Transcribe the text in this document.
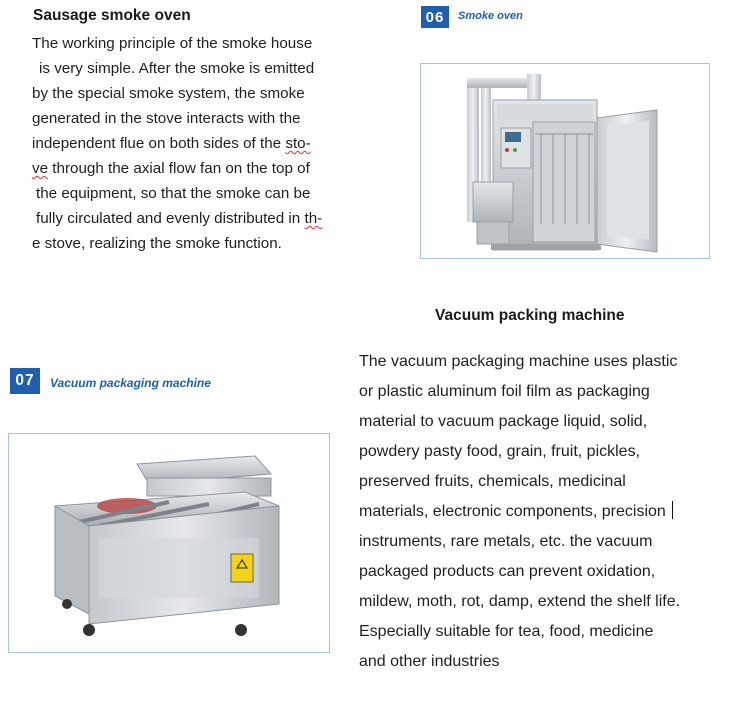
Sausage smoke oven
The working principle of the smoke house
is very simple. After the smoke is emitted
by the special smoke system, the smoke
generated in the stove interacts with the
independent flue on both sides of the sto-
ve through the axial flow fan on the top of
the equipment, so that the smoke can be
fully circulated and evenly distributed in th-
e stove, realizing the smoke function.
06	Smoke oven
Vacuum packing machine
07	Vacuum packaging machine
The vacuum packaging machine uses plastic
or plastic aluminum foil film as packaging
material to vacuum package liquid, solid,
powdery pasty food, grain, fruit, pickles,
preserved fruits, chemicals, medicinal
materials, electronic components, precision
instruments, rare metals, etc. the vacuum
packaged products can prevent oxidation,
mildew, moth, rot, damp, extend the shelf life.
Especially suitable for tea, food, medicine
and other industries
